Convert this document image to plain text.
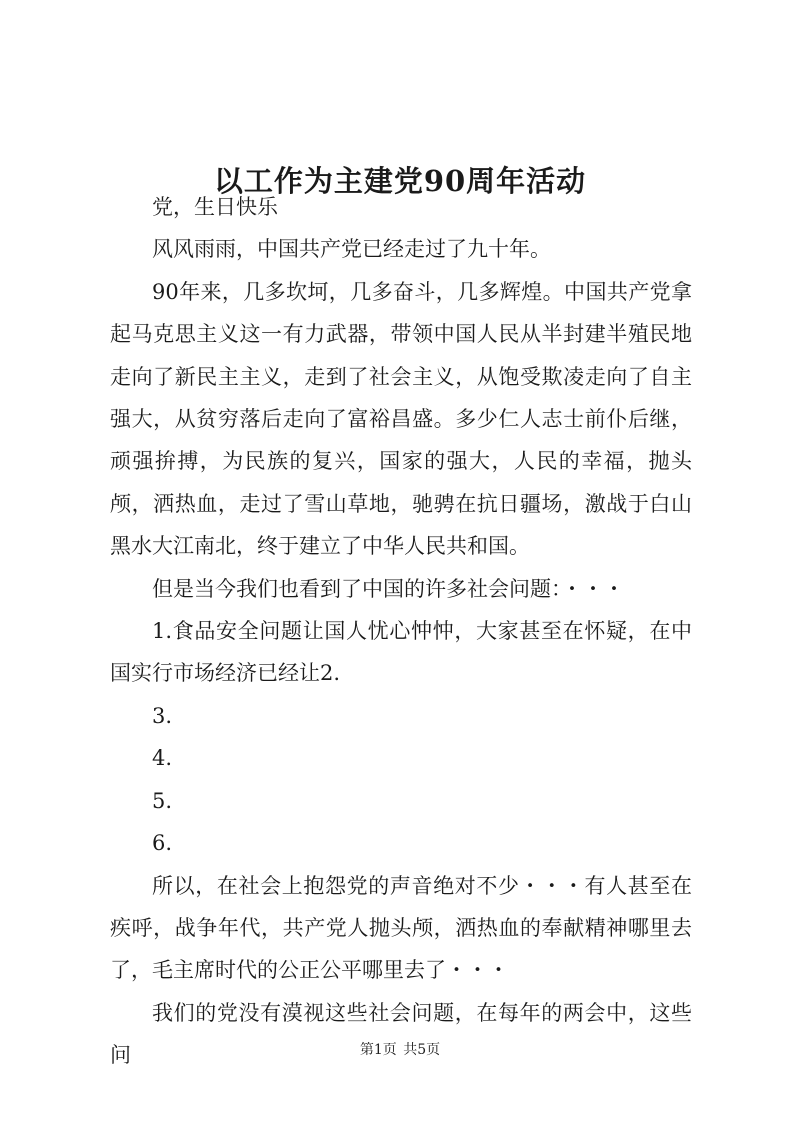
以工作为主建党90周年活动

党，生日快乐

风风雨雨，中国共产党已经走过了九十年。

90年来，几多坎坷，几多奋斗，几多辉煌。中国共产党拿起马克思主义这一有力武器，带领中国人民从半封建半殖民地走向了新民主主义，走到了社会主义，从饱受欺凌走向了自主强大，从贫穷落后走向了富裕昌盛。多少仁人志士前仆后继，顽强拚搏，为民族的复兴，国家的强大，人民的幸福，抛头颅，洒热血，走过了雪山草地，驰骋在抗日疆场，激战于白山黑水大江南北，终于建立了中华人民共和国。

但是当今我们也看到了中国的许多社会问题：・・・

1.食品安全问题让国人忧心忡忡，大家甚至在怀疑，在中国实行市场经济已经让2.

3.

4.

5.

6.

所以，在社会上抱怨党的声音绝对不少・・・有人甚至在疾呼，战争年代，共产党人抛头颅，洒热血的奉献精神哪里去了，毛主席时代的公正公平哪里去了・・・

我们的党没有漠视这些社会问题，在每年的两会中，这些问	第1页 共5页
